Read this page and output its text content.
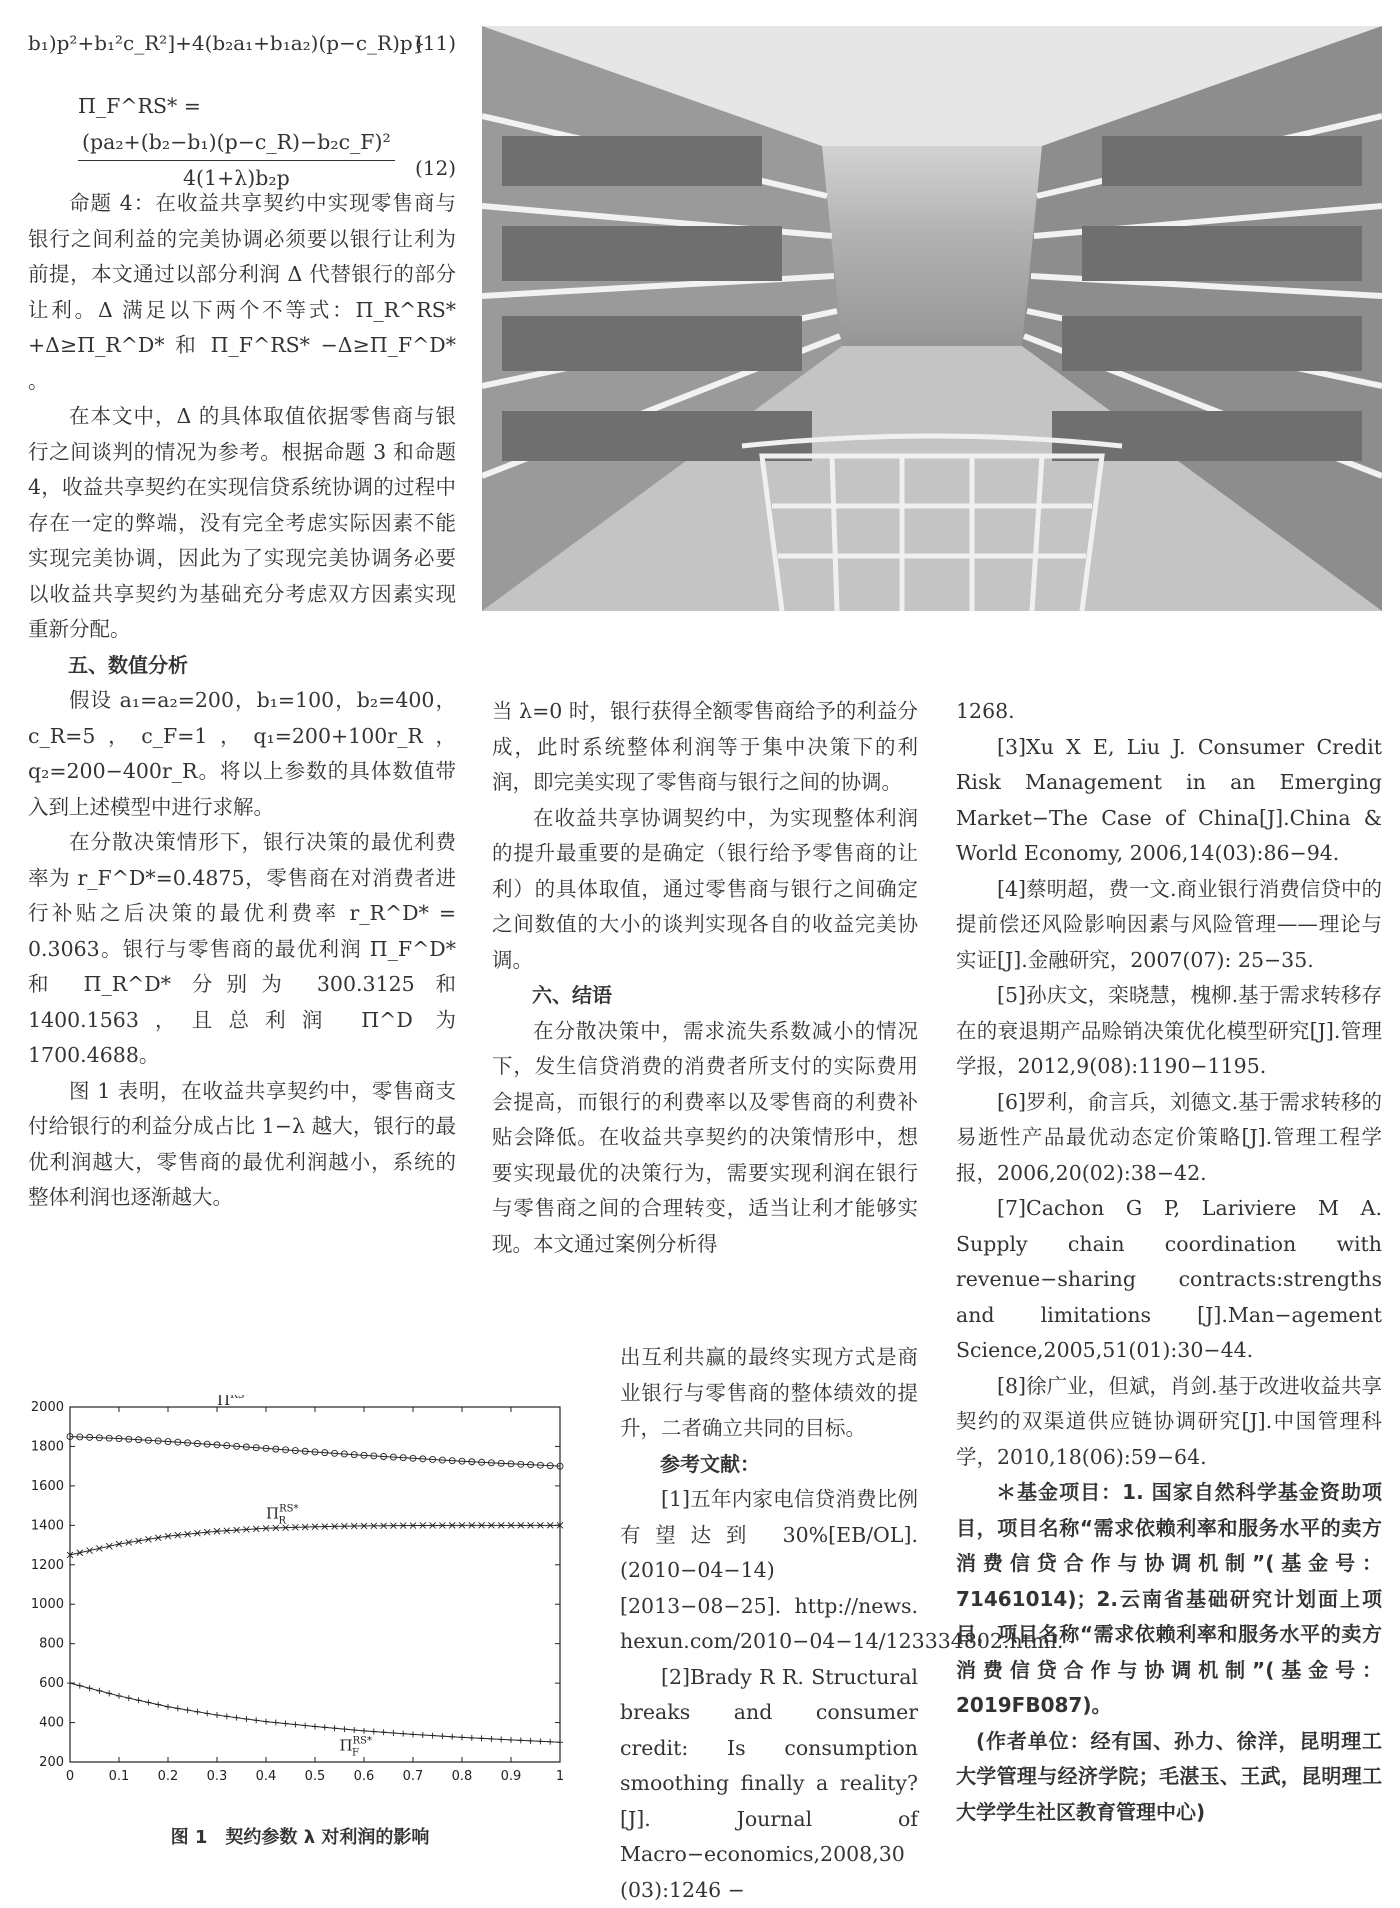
b₁)p²+b₁²c_R²]+4(b₂a₁+b₁a₂)(p−c_R)p}
(11)
Π_F^RS* =
$\frac{\text{(pa₂+(b₂−b₁)(p−c\_R)−b₂c\_F)²}}{\text{4(1+λ)b₂p}} (12)$

命题 4：在收益共享契约中实现零售商与银行之间利益的完美协调必须要以银行让利为前提，本文通过以部分利润 Δ 代替银行的部分让利。Δ 满足以下两个不等式：Π_R^RS* +Δ≥Π_R^D* 和 Π_F^RS* −Δ≥Π_F^D* 。

在本文中，Δ 的具体取值依据零售商与银行之间谈判的情况为参考。根据命题 3 和命题 4，收益共享契约在实现信贷系统协调的过程中存在一定的弊端，没有完全考虑实际因素不能实现完美协调，因此为了实现完美协调务必要以收益共享契约为基础充分考虑双方因素实现重新分配。

五、数值分析

假设 a₁=a₂=200，b₁=100，b₂=400，c_R=5，c_F=1，q₁=200+100r_R，q₂=200−400r_R。将以上参数的具体数值带入到上述模型中进行求解。

在分散决策情形下，银行决策的最优利费率为 r_F^D*=0.4875，零售商在对消费者进行补贴之后决策的最优利费率 r_R^D* = 0.3063。银行与零售商的最优利润 Π_F^D* 和 Π_R^D* 分别为 300.3125 和 1400.1563，且总利润 Π^D 为 1700.4688。

图 1 表明，在收益共享契约中，零售商支付给银行的利益分成占比 1−λ 越大，银行的最优利润越大，零售商的最优利润越小，系统的整体利润也逐渐越大。

当 λ=0 时，银行获得全额零售商给予的利益分成，此时系统整体利润等于集中决策下的利润，即完美实现了零售商与银行之间的协调。

在收益共享协调契约中，为实现整体利润的提升最重要的是确定（银行给予零售商的让利）的具体取值，通过零售商与银行之间确定之间数值的大小的谈判实现各自的收益完美协调。

六、结语

在分散决策中，需求流失系数减小的情况下，发生信贷消费的消费者所支付的实际费用会提高，而银行的利费率以及零售商的利费补贴会降低。在收益共享契约的决策情形中，想要实现最优的决策行为，需要实现利润在银行与零售商之间的合理转变，适当让利才能够实现。本文通过案例分析得

出互利共赢的最终实现方式是商业银行与零售商的整体绩效的提升，二者确立共同的目标。

参考文献：

[1]五年内家电信贷消费比例有望达到 30%[EB/OL]. (2010−04−14) [2013−08−25]. http://news. hexun.com/2010−04−14/123334802.html.

[2]Brady R R. Structural breaks and consumer credit: Is consumption smoothing finally a reality? [J]. Journal of Macro−economics,2008,30 (03):1246 −

1268.

[3]Xu X E, Liu J. Consumer Credit Risk Management in an Emerging Market−The Case of China[J].China & World Economy, 2006,14(03):86−94.

[4]蔡明超，费一文.商业银行消费信贷中的提前偿还风险影响因素与风险管理——理论与实证[J].金融研究，2007(07): 25−35.

[5]孙庆文，栾晓慧，槐柳.基于需求转移存在的衰退期产品赊销决策优化模型研究[J].管理学报，2012,9(08):1190−1195.

[6]罗利，俞言兵，刘德文.基于需求转移的易逝性产品最优动态定价策略[J].管理工程学报，2006,20(02):38−42.

[7]Cachon G P, Lariviere M A. Supply chain coordination with revenue−sharing contracts:strengths and limitations [J].Man−agement Science,2005,51(01):30−44.

[8]徐广业，但斌，肖剑.基于改进收益共享契约的双渠道供应链协调研究[J].中国管理科学，2010,18(06):59−64.

＊基金项目：1. 国家自然科学基金资助项目，项目名称“需求依赖利率和服务水平的卖方消费信贷合作与协调机制”(基金号：71461014)；2.云南省基础研究计划面上项目，项目名称“需求依赖利率和服务水平的卖方消费信贷合作与协调机制”(基金号：2019FB087)。

(作者单位：经有国、孙力、徐洋，昆明理工大学管理与经济学院；毛湛玉、王武，昆明理工大学学生社区教育管理中心)

0	0.1 0.2 0.3 0.4 0.5 0.6 0.7 0.8 0.9	1
200
400
600
800
1000
1200
1400
1600
1800
2000	$\Pi^{RS*}$
$\Pi^{RS*}$ R
$\Pi^{RS*}$ F
图 1　契约参数 λ 对利润的影响
